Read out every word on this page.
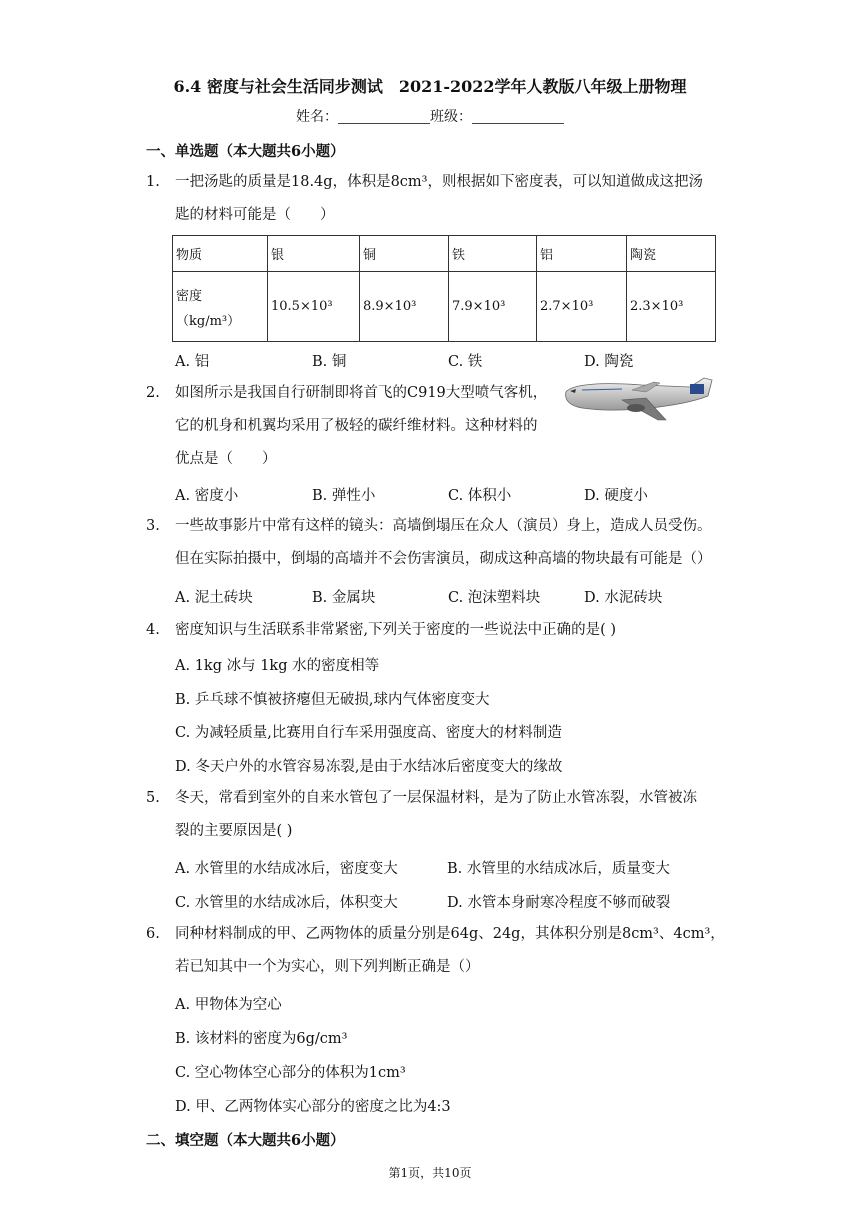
6.4 密度与社会生活同步测试　2021-2022学年人教版八年级上册物理
姓名：	班级：
一、单选题（本大题共6小题）
1.	一把汤匙的质量是18.4g，体积是8cm³，则根据如下密度表，可以知道做成这把汤
匙的材料可能是（　　）
物质	银	铜	铁	铝	陶瓷

密度
（kg/m³）	10.5×10³	8.9×10³	7.9×10³	2.7×10³	2.3×10³
A. 铝	B. 铜	C. 铁	D. 陶瓷
2.	如图所示是我国自行研制即将首飞的C919大型喷气客机，
它的机身和机翼均采用了极轻的碳纤维材料。这种材料的
优点是（　　）
A. 密度小	B. 弹性小	C. 体积小	D. 硬度小
3.	一些故事影片中常有这样的镜头：高墙倒塌压在众人（演员）身上，造成人员受伤。
但在实际拍摄中，倒塌的高墙并不会伤害演员，砌成这种高墙的物块最有可能是（）
A. 泥土砖块	B. 金属块	C. 泡沫塑料块	D. 水泥砖块
4.	密度知识与生活联系非常紧密,下列关于密度的一些说法中正确的是( )
A. 1kg 冰与 1kg 水的密度相等
B. 乒乓球不慎被挤瘪但无破损,球内气体密度变大
C. 为减轻质量,比赛用自行车采用强度高、密度大的材料制造
D. 冬天户外的水管容易冻裂,是由于水结冰后密度变大的缘故
5.	冬天，常看到室外的自来水管包了一层保温材料，是为了防止水管冻裂，水管被冻
裂的主要原因是( )
A. 水管里的水结成冰后，密度变大	B. 水管里的水结成冰后，质量变大
C. 水管里的水结成冰后，体积变大	D. 水管本身耐寒冷程度不够而破裂
6.	同种材料制成的甲、乙两物体的质量分别是64g、24g，其体积分别是8cm³、4cm³，
若已知其中一个为实心，则下列判断正确是（）
A. 甲物体为空心
B. 该材料的密度为6g/cm³
C. 空心物体空心部分的体积为1cm³
D. 甲、乙两物体实心部分的密度之比为4:3
二、填空题（本大题共6小题）
第1页，共10页
